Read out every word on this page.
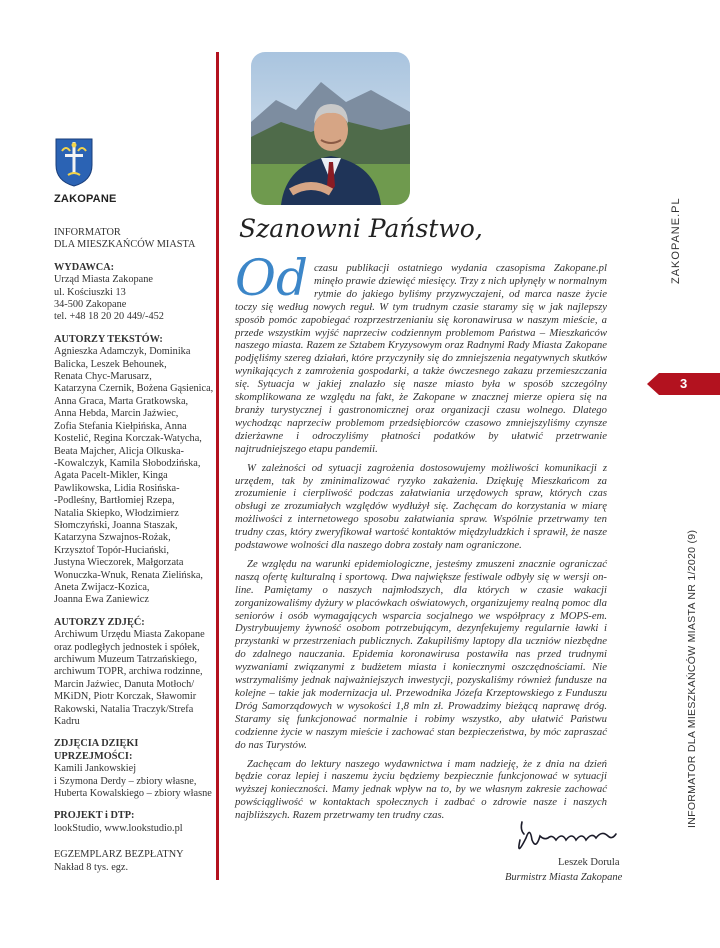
ZAKOPANE
INFORMATOR
DLA MIESZKAŃCÓW MIASTA
WYDAWCA:
Urząd Miasta Zakopane
ul. Kościuszki 13
34-500 Zakopane
tel. +48 18 20 20 449/-452
AUTORZY TEKSTÓW:
Agnieszka Adamczyk, Dominika
Balicka, Leszek Behounek,
Renata Chyc-Marusarz,
Katarzyna Czernik, Bożena Gąsienica,
Anna Graca, Marta Gratkowska,
Anna Hebda, Marcin Jaźwiec,
Zofia Stefania Kiełpińska, Anna
Kostelić, Regina Korczak-Watycha,
Beata Majcher, Alicja Olkuska-
-Kowalczyk, Kamila Słobodzińska,
Agata Pacelt-Mikler, Kinga
Pawlikowska, Lidia Rosińska-
-Podleśny, Bartłomiej Rzepa,
Natalia Skiepko, Włodzimierz
Słomczyński, Joanna Staszak,
Katarzyna Szwajnos-Rożak,
Krzysztof Topór-Huciański,
Justyna Wieczorek, Małgorzata
Wonuczka-Wnuk, Renata Zielińska,
Aneta Zwijacz-Kozica,
Joanna Ewa Zaniewicz
AUTORZY ZDJĘĆ:
Archiwum Urzędu Miasta Zakopane
oraz podległych jednostek i spółek,
archiwum Muzeum Tatrzańskiego,
archiwum TOPR, archiwa rodzinne,
Marcin Jaźwiec, Danuta Motłoch/
MKiDN, Piotr Korczak, Sławomir
Rakowski, Natalia Traczyk/Strefa
Kadru
ZDJĘCIA DZIĘKI UPRZEJMOŚCI:
Kamili Jankowskiej
i Szymona Derdy – zbiory własne,
Huberta Kowalskiego – zbiory własne
PROJEKT i DTP:
lookStudio, www.lookstudio.pl
EGZEMPLARZ BEZPŁATNY
Nakład 8 tys. egz.
Szanowni Państwo,

Od czasu publikacji ostatniego wydania czasopisma Zakopane.pl minęło prawie dziewięć miesięcy. Trzy z nich upłynęły w normalnym rytmie do jakiego byliśmy przyzwyczajeni, od marca nasze życie toczy się według nowych reguł. W tym trudnym czasie staramy się w jak najlepszy sposób pomóc zapobiegać rozprzestrzenianiu się koronawirusa w naszym mieście, a przede wszystkim wyjść naprzeciw codziennym problemom Państwa – Mieszkańców naszego miasta. Razem ze Sztabem Kryzysowym oraz Radnymi Rady Miasta Zakopane podjęliśmy szereg działań, które przyczyniły się do zmniejszenia negatywnych skutków wynikających z zamrożenia gospodarki, a także ówczesnego zakazu przemieszczania się. Sytuacja w jakiej znalazło się nasze miasto była w sposób szczególny skomplikowana ze względu na fakt, że Zakopane w znacznej mierze opiera się na branży turystycznej i gastronomicznej oraz organizacji czasu wolnego. Dlatego wychodząc naprzeciw problemom przedsiębiorców czasowo zmniejszyliśmy czynsze dzierżawne i odroczyliśmy płatności podatków by ułatwić przetrwanie najtrudniejszego etapu pandemii.

W zależności od sytuacji zagrożenia dostosowujemy możliwości komunikacji z urzędem, tak by zminimalizować ryzyko zakażenia. Dziękuję Mieszkańcom za zrozumienie i cierpliwość podczas załatwiania urzędowych spraw, których czas obsługi ze zrozumiałych względów wydłużył się. Zachęcam do korzystania w miarę możliwości z internetowego sposobu załatwiania spraw. Wspólnie przetrwamy ten trudny czas, który zweryfikował wartość kontaktów międzyludzkich i sprawił, że nasze podstawowe wolności dla naszego dobra zostały nam ograniczone.

Ze względu na warunki epidemiologiczne, jesteśmy zmuszeni znacznie ograniczać naszą ofertę kulturalną i sportową. Dwa największe festiwale odbyły się w wersji on-line. Pamiętamy o naszych najmłodszych, dla których w czasie wakacji zorganizowaliśmy dyżury w placówkach oświatowych, organizujemy realną pomoc dla seniorów i osób wymagających wsparcia socjalnego we współpracy z MOPS-em. Dystrybuujemy żywność osobom potrzebującym, dezynfekujemy regularnie ławki i przystanki w przestrzeniach publicznych. Zakupiliśmy laptopy dla uczniów niezbędne do zdalnego nauczania. Epidemia koronawirusa postawiła nas przed trudnymi wyzwaniami związanymi z budżetem miasta i koniecznymi oszczędnościami. Nie wstrzymaliśmy jednak najważniejszych inwestycji, pozyskaliśmy również fundusze na kolejne – takie jak modernizacja ul. Przewodnika Józefa Krzeptowskiego z Funduszu Dróg Samorządowych w wysokości 1,8 mln zł. Prowadzimy bieżącą naprawę dróg. Staramy się funkcjonować normalnie i robimy wszystko, aby ułatwić Państwu codzienne życie w naszym mieście i zachować stan bezpieczeństwa, by móc zapraszać do nas Turystów.

Zachęcam do lektury naszego wydawnictwa i mam nadzieję, że z dnia na dzień będzie coraz lepiej i naszemu życiu będziemy bezpiecznie funkcjonować w sytuacji wyższej konieczności. Mamy jednak wpływ na to, by we własnym zakresie zachować powściągliwość w kontaktach społecznych i zadbać o zdrowie nasze i naszych najbliższych. Razem przetrwamy ten trudny czas.

Leszek Dorula
Burmistrz Miasta Zakopane
ZAKOPANE.PL
3
INFORMATOR DLA MIESZKAŃCÓW MIASTA NR 1/2020 (9)
